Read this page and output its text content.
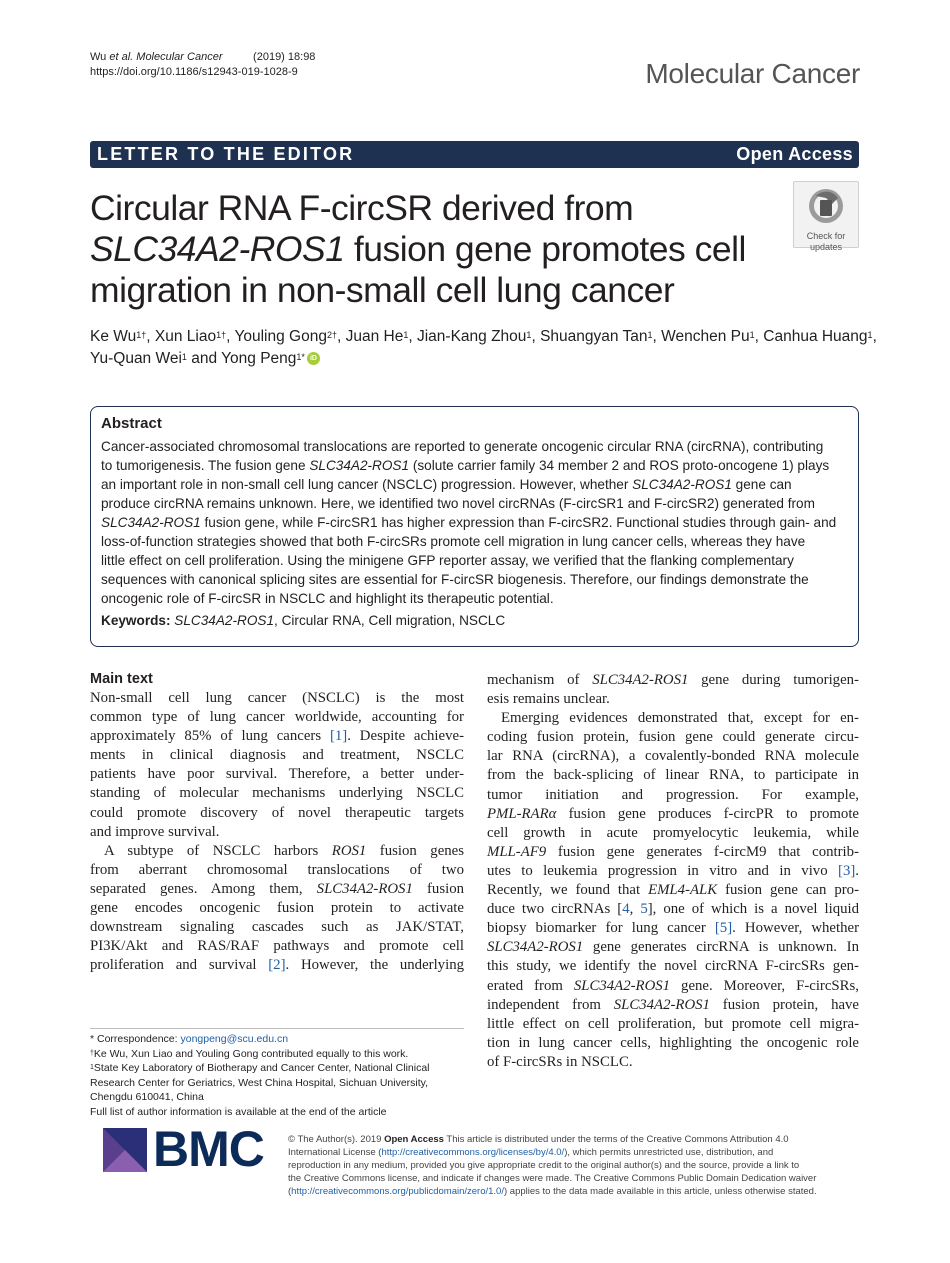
Wu et al. Molecular Cancer	(2019) 18:98
https://doi.org/10.1186/s12943-019-1028-9	Molecular Cancer
LETTER TO THE EDITOR	Open Access
Circular RNA F-circSR derived from
SLC34A2-ROS1 fusion gene promotes cell
migration in non-small cell lung cancer
Check for
updates
Ke $Wu^{1\dagger}$, Xun Liao$^{1\dagger}$, Youling Gong$^{2\dagger}$, Juan He$^1$, Jian-Kang Zhou$^1$, Shuangyan Tan$^1$, Wenchen Pu$^1$, Canhua Huang$^1$,
Yu-Quan Wei$^1$ and Yong Peng$^{1*}$ iD
Abstract
Cancer-associated chromosomal translocations are reported to generate oncogenic circular RNA (circRNA), contributing
to tumorigenesis. The fusion gene SLC34A2-ROS1 (solute carrier family 34 member 2 and ROS proto-oncogene 1) plays
an important role in non-small cell lung cancer (NSCLC) progression. However, whether SLC34A2-ROS1 gene can
produce circRNA remains unknown. Here, we identified two novel circRNAs (F-circSR1 and F-circSR2) generated from
SLC34A2-ROS1 fusion gene, while F-circSR1 has higher expression than F-circSR2. Functional studies through gain- and
loss-of-function strategies showed that both F-circSRs promote cell migration in lung cancer cells, whereas they have
little effect on cell proliferation. Using the minigene GFP reporter assay, we verified that the flanking complementary
sequences with canonical splicing sites are essential for F-circSR biogenesis. Therefore, our findings demonstrate the
oncogenic role of F-circSR in NSCLC and highlight its therapeutic potential.
Keywords: SLC34A2-ROS1, Circular RNA, Cell migration, NSCLC
Main text
Non-small cell lung cancer (NSCLC) is the most
common type of lung cancer worldwide, accounting for
approximately 85% of lung cancers [1]. Despite achieve-
ments in clinical diagnosis and treatment, NSCLC
patients have poor survival. Therefore, a better under-
standing of molecular mechanisms underlying NSCLC
could promote discovery of novel therapeutic targets
and improve survival.
A subtype of NSCLC harbors ROS1 fusion genes
from aberrant chromosomal translocations of two
separated genes. Among them, SLC34A2-ROS1 fusion
gene encodes oncogenic fusion protein to activate
downstream signaling cascades such as JAK/STAT,
PI3K/Akt and RAS/RAF pathways and promote cell
proliferation and survival [2]. However, the underlying
mechanism of SLC34A2-ROS1 gene during tumorigen-
esis remains unclear.
Emerging evidences demonstrated that, except for en-
coding fusion protein, fusion gene could generate circu-
lar RNA (circRNA), a covalently-bonded RNA molecule
from the back-splicing of linear RNA, to participate in
tumor initiation and progression. For example,
PML-RARα fusion gene produces f-circPR to promote
cell growth in acute promyelocytic leukemia, while
MLL-AF9 fusion gene generates f-circM9 that contrib-
utes to leukemia progression in vitro and in vivo [3].
Recently, we found that EML4-ALK fusion gene can pro-
duce two circRNAs [4, 5], one of which is a novel liquid
biopsy biomarker for lung cancer [5]. However, whether
SLC34A2-ROS1 gene generates circRNA is unknown. In
this study, we identify the novel circRNA F-circSRs gen-
erated from SLC34A2-ROS1 gene. Moreover, F-circSRs,
independent from SLC34A2-ROS1 fusion protein, have
little effect on cell proliferation, but promote cell migra-
tion in lung cancer cells, highlighting the oncogenic role
of F-circSRs in NSCLC.
* Correspondence: yongpeng@scu.edu.cn
†Ke Wu, Xun Liao and Youling Gong contributed equally to this work.
$^1$State Key Laboratory of Biotherapy and Cancer Center, National Clinical
Research Center for Geriatrics, West China Hospital, Sichuan University,
Chengdu 610041, China
Full list of author information is available at the end of the article
BMC	© The Author(s). 2019 Open Access This article is distributed under the terms of the Creative Commons Attribution 4.0
International License (http://creativecommons.org/licenses/by/4.0/), which permits unrestricted use, distribution, and
reproduction in any medium, provided you give appropriate credit to the original author(s) and the source, provide a link to
the Creative Commons license, and indicate if changes were made. The Creative Commons Public Domain Dedication waiver
(http://creativecommons.org/publicdomain/zero/1.0/) applies to the data made available in this article, unless otherwise stated.
